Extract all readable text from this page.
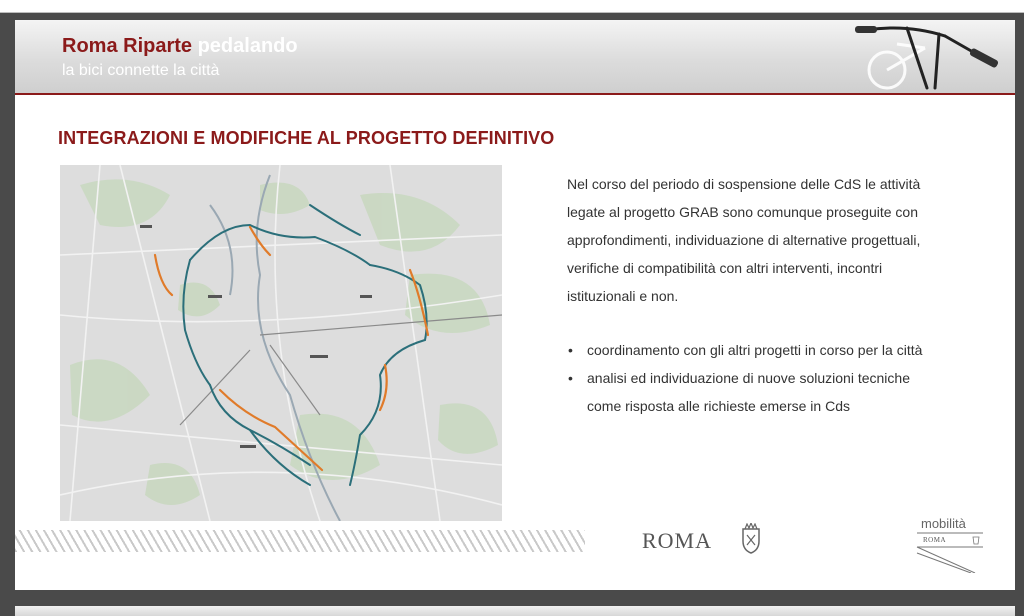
Roma Riparte pedalando
la bici connette la città
INTEGRAZIONI E MODIFICHE AL PROGETTO DEFINITIVO
Nel corso del periodo di sospensione delle CdS le attività
legate al progetto GRAB sono comunque proseguite con
approfondimenti, individuazione di alternative progettuali,
verifiche di compatibilità con altri interventi, incontri
istituzionali e non.
• coordinamento con gli altri progetti in corso per la città
• analisi ed individuazione di nuove soluzioni tecniche
come risposta alle richieste emerse in Cds
ROMA
mobilità
ROMA
